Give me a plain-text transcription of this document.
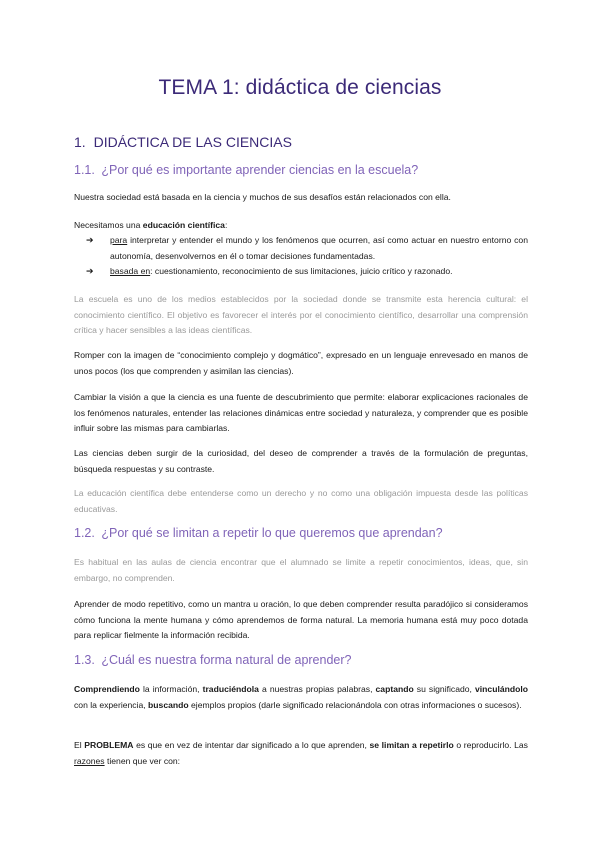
TEMA 1: didáctica de ciencias
1. DIDÁCTICA DE LAS CIENCIAS
1.1. ¿Por qué es importante aprender ciencias en la escuela?

Nuestra sociedad está basada en la ciencia y muchos de sus desafíos están relacionados con ella.

Necesitamos una educación científica:

➔	para interpretar y entender el mundo y los fenómenos que ocurren, así como actuar en nuestro entorno con autonomía, desenvolvernos en él o tomar decisiones fundamentadas.
➔	basada en: cuestionamiento, reconocimiento de sus limitaciones, juicio crítico y razonado.

La escuela es uno de los medios establecidos por la sociedad donde se transmite esta herencia cultural: el conocimiento científico. El objetivo es favorecer el interés por el conocimiento científico, desarrollar una comprensión crítica y hacer sensibles a las ideas científicas.

Romper con la imagen de “conocimiento complejo y dogmático”, expresado en un lenguaje enrevesado en manos de unos pocos (los que comprenden y asimilan las ciencias).

Cambiar la visión a que la ciencia es una fuente de descubrimiento que permite: elaborar explicaciones racionales de los fenómenos naturales, entender las relaciones dinámicas entre sociedad y naturaleza, y comprender que es posible influir sobre las mismas para cambiarlas.

Las ciencias deben surgir de la curiosidad, del deseo de comprender a través de la formulación de preguntas, búsqueda respuestas y su contraste.

La educación científica debe entenderse como un derecho y no como una obligación impuesta desde las políticas educativas.

1.2. ¿Por qué se limitan a repetir lo que queremos que aprendan?

Es habitual en las aulas de ciencia encontrar que el alumnado se limite a repetir conocimientos, ideas, que, sin embargo, no comprenden.

Aprender de modo repetitivo, como un mantra u oración, lo que deben comprender resulta paradójico si consideramos cómo funciona la mente humana y cómo aprendemos de forma natural. La memoria humana está muy poco dotada para replicar fielmente la información recibida.

1.3. ¿Cuál es nuestra forma natural de aprender?

Comprendiendo la información, traduciéndola a nuestras propias palabras, captando su significado, vinculándolo con la experiencia, buscando ejemplos propios (darle significado relacionándola con otras informaciones o sucesos).

El PROBLEMA es que en vez de intentar dar significado a lo que aprenden, se limitan a repetirlo o reproducirlo. Las razones tienen que ver con:
